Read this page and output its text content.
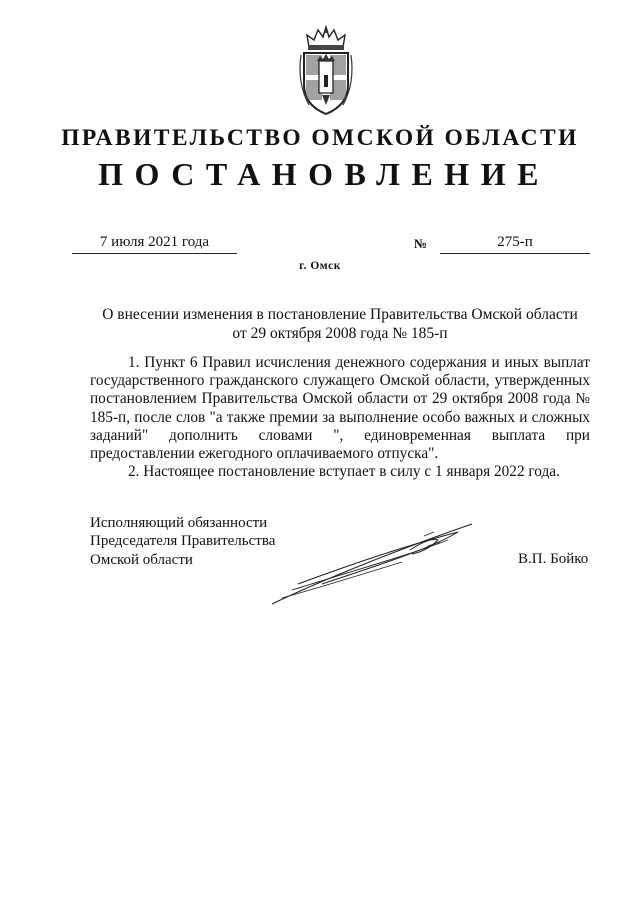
ПРАВИТЕЛЬСТВО ОМСКОЙ ОБЛАСТИ
ПОСТАНОВЛЕНИЕ
7 июля 2021 года	№	275-п
г. Омск
О внесении изменения в постановление Правительства Омской области
от 29 октября 2008 года № 185-п

1. Пункт 6 Правил исчисления денежного содержания и иных выплат государственного гражданского служащего Омской области, утвержденных постановлением Правительства Омской области от 29 октября 2008 года № 185-п, после слов "а также премии за выполнение особо важных и сложных заданий" дополнить словами ", единовременная выплата при предоставлении ежегодного оплачиваемого отпуска".

2. Настоящее постановление вступает в силу с 1 января 2022 года.

Исполняющий обязанности
Председателя Правительства
Омской области	В.П. Бойко
